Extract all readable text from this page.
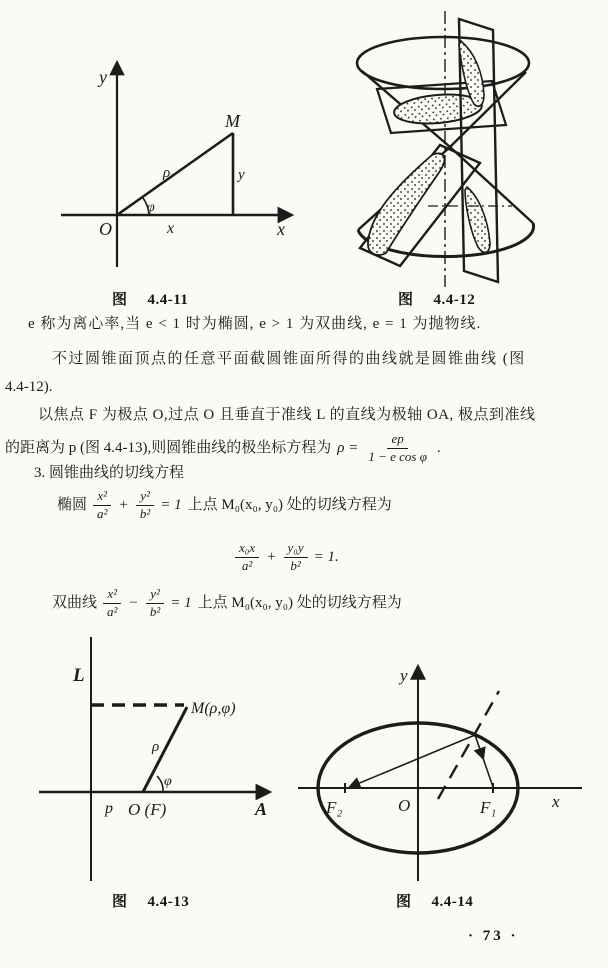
y
x
O
M
ρ
φ
y
x
图 4.4-11	图 4.4-12
e 称为离心率,当 e < 1 时为椭圆, e > 1 为双曲线, e = 1 为抛物线.
不过圆锥面顶点的任意平面截圆锥面所得的曲线就是圆锥曲线 (图
4.4-12).
以焦点 F 为极点 O,过点 O 且垂直于准线 L 的直线为极轴 OA, 极点到准线
的距离为 p (图 4.4-13),则圆锥曲线的极坐标方程为 $\rho = \frac{ep}{\text{1 − e cos φ}}$ .
3. 圆锥曲线的切线方程
椭圆 $\frac{\text{x²}}{\text{a²}} + \frac{\text{y²}}{\text{b²}} = 1$ 上点 M₀(x₀, y₀) 处的切线方程为
$\frac{\text{x₀x}}{\text{a²}} + \frac{\text{y₀y}}{\text{b²}} = 1$.
双曲线 $\frac{\text{x²}}{\text{a²}} - \frac{\text{y²}}{\text{b²}} = 1$ 上点 M₀(x₀, y₀) 处的切线方程为
L
M(ρ,φ)
ρ
φ
p O (F)	A
图 4.4-13
y
x
O
F₂	F₁
图 4.4-14
· 73 ·
